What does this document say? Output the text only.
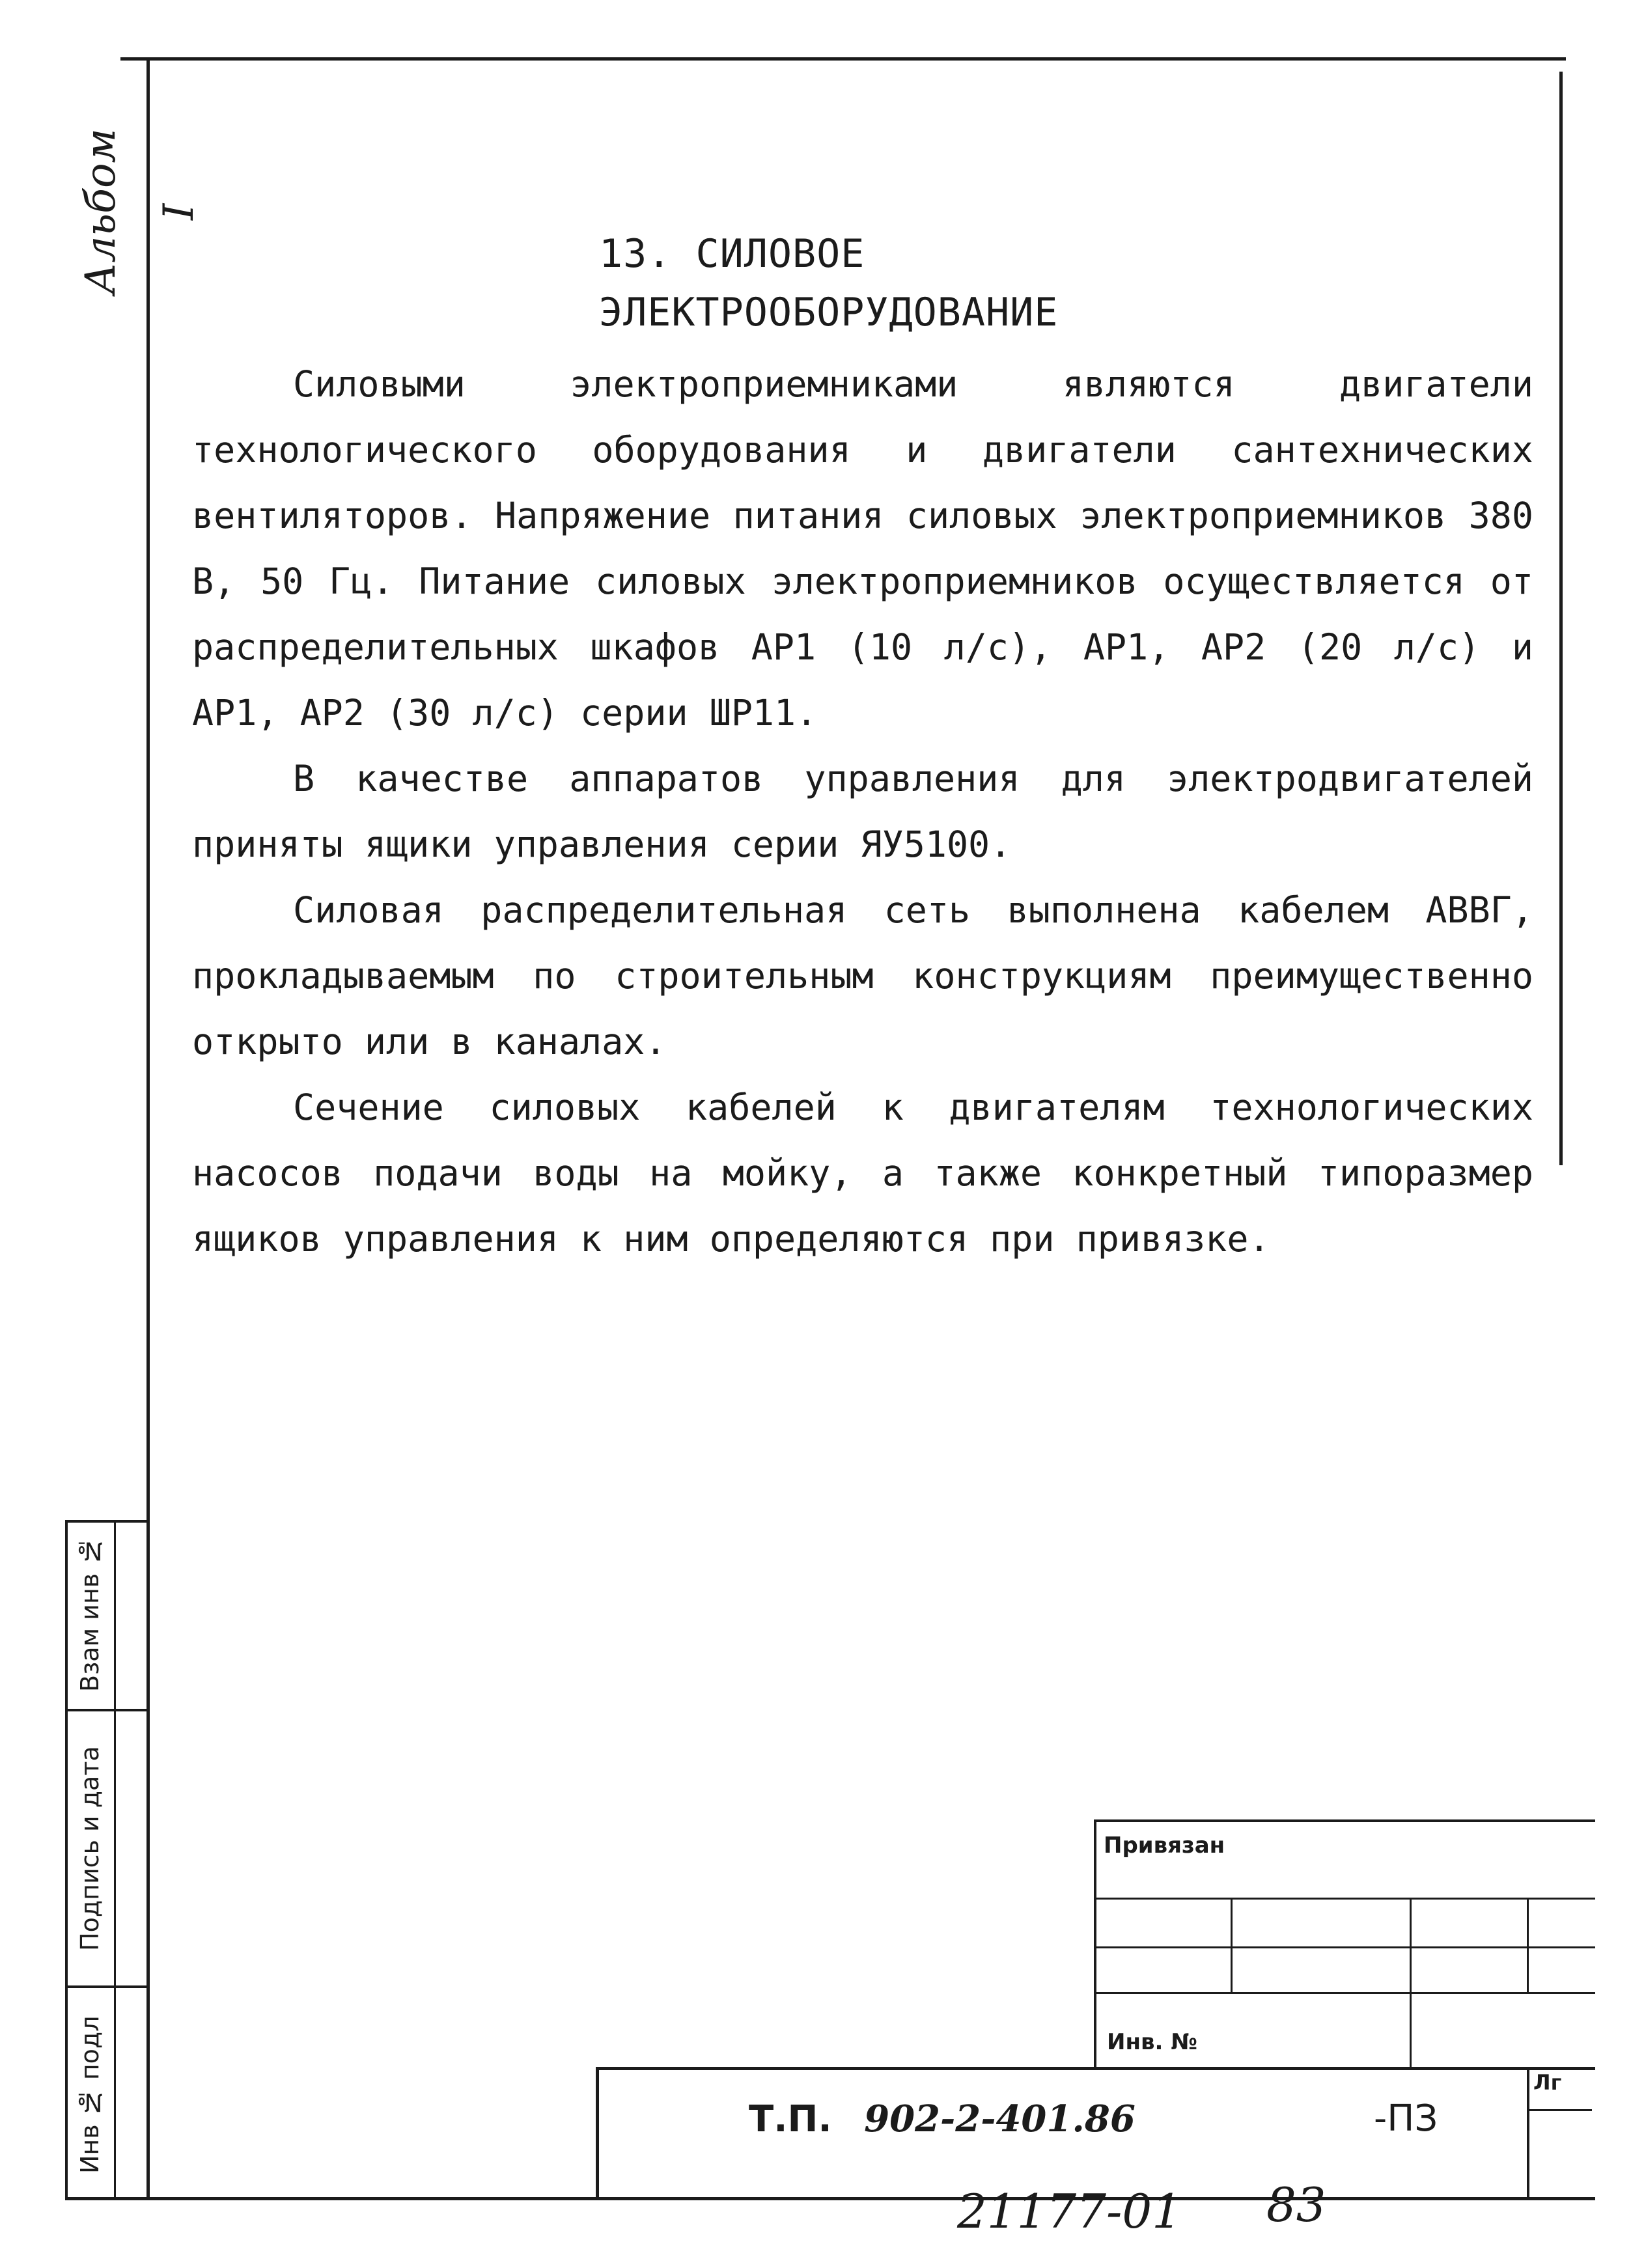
Альбом I
13. СИЛОВОЕ ЭЛЕКТРООБОРУДОВАНИЕ

Силовыми электроприемниками являются двигатели технологического оборудования и двигатели сантехнических вентиляторов. Напряжение питания силовых электроприемников 380 В, 50 Гц. Питание силовых электроприемников осуществляется от распределительных шкафов АР1 (10 л/с), АР1, АР2 (20 л/с) и АР1, АР2 (30 л/с) серии ШР11.

В качестве аппаратов управления для электродвигателей приняты ящики управления серии ЯУ5100.

Силовая распределительная сеть выполнена кабелем АВВГ, прокладываемым по строительным конструкциям преимущественно открыто или в каналах.

Сечение силовых кабелей к двигателям технологических насосов подачи воды на мойку, а также конкретный типоразмер ящиков управления к ним определяются при привязке.

Взам инв №
Подпись и дата
Инв № подл
Привязан
Инв. №
Т.П. 902-2-401.86	-ПЗ
Лг
21177-01 83
